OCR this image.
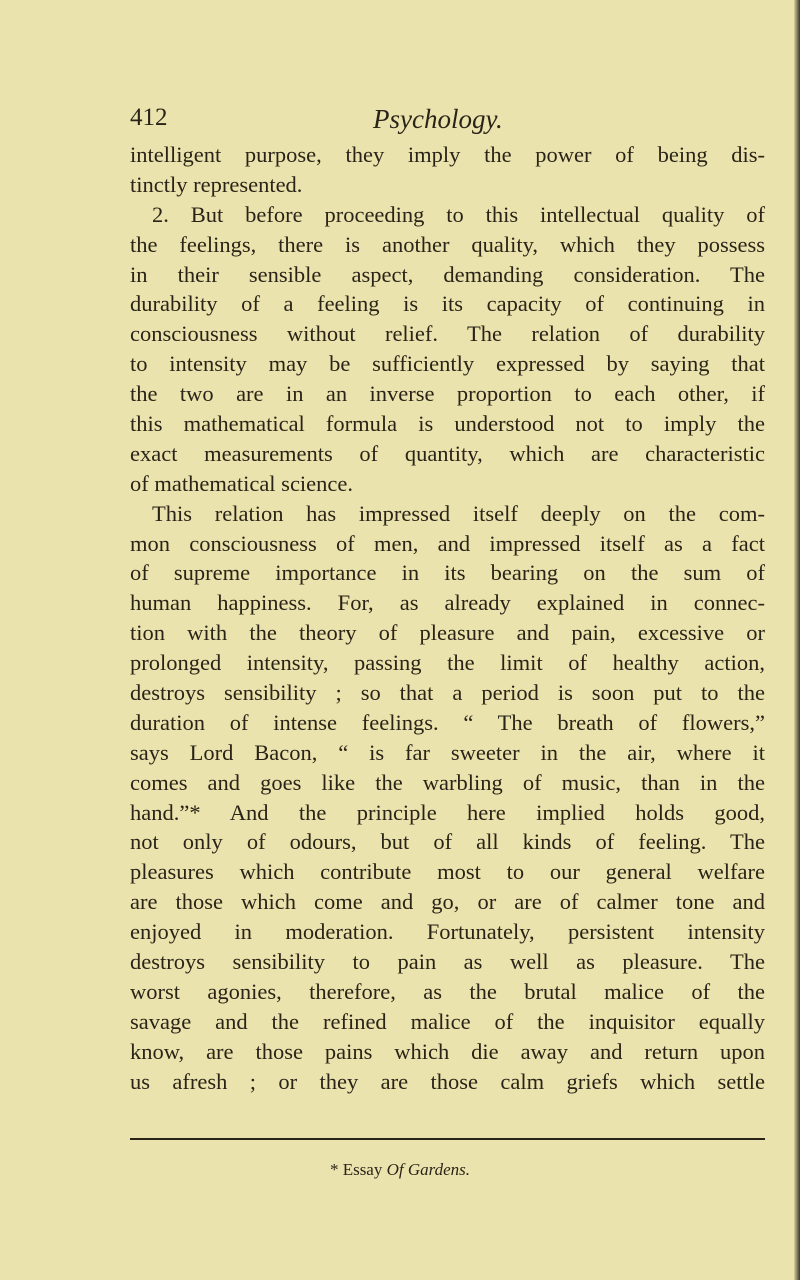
412	Psychology.
intelligent purpose, they imply the power of being dis-
tinctly represented.
2. But before proceeding to this intellectual quality of
the feelings, there is another quality, which they possess
in their sensible aspect, demanding consideration. The
durability of a feeling is its capacity of continuing in
consciousness without relief. The relation of durability
to intensity may be sufficiently expressed by saying that
the two are in an inverse proportion to each other, if
this mathematical formula is understood not to imply the
exact measurements of quantity, which are characteristic
of mathematical science.
This relation has impressed itself deeply on the com-
mon consciousness of men, and impressed itself as a fact
of supreme importance in its bearing on the sum of
human happiness. For, as already explained in connec-
tion with the theory of pleasure and pain, excessive or
prolonged intensity, passing the limit of healthy action,
destroys sensibility ; so that a period is soon put to the
duration of intense feelings. “ The breath of flowers,”
says Lord Bacon, “ is far sweeter in the air, where it
comes and goes like the warbling of music, than in the
hand.”* And the principle here implied holds good,
not only of odours, but of all kinds of feeling. The
pleasures which contribute most to our general welfare
are those which come and go, or are of calmer tone and
enjoyed in moderation. Fortunately, persistent intensity
destroys sensibility to pain as well as pleasure. The
worst agonies, therefore, as the brutal malice of the
savage and the refined malice of the inquisitor equally
know, are those pains which die away and return upon
us afresh ; or they are those calm griefs which settle
* Essay Of Gardens.
